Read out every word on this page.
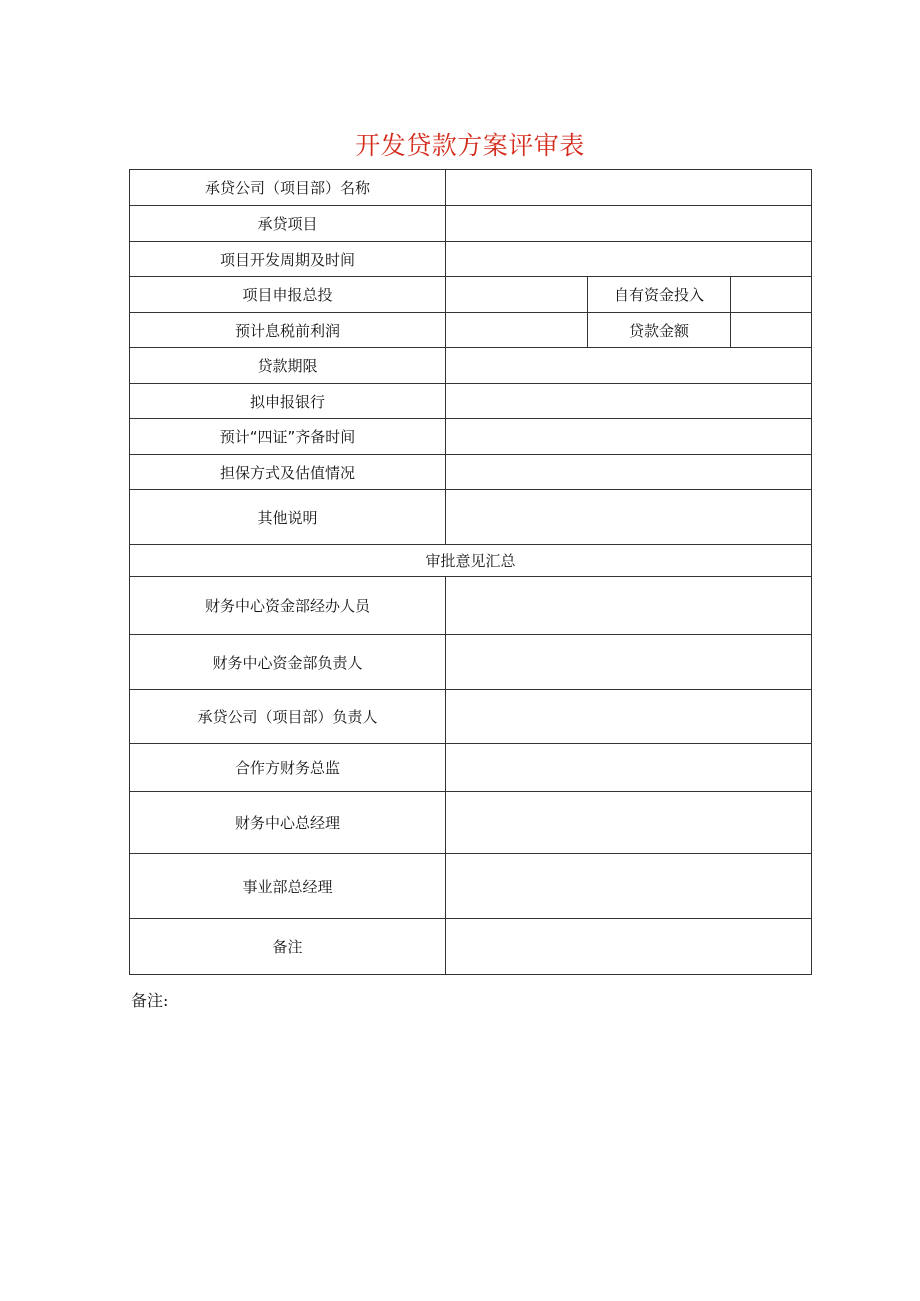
开发贷款方案评审表
承贷公司（项目部）名称			
承贷项目			
项目开发周期及时间			
项目申报总投		自有资金投入	
预计息税前利润		贷款金额	
贷款期限			
拟申报银行			
预计“四证”齐备时间			
担保方式及估值情况			
其他说明			
审批意见汇总			
财务中心资金部经办人员			
财务中心资金部负责人			
承贷公司（项目部）负责人			
合作方财务总监			
财务中心总经理			
事业部总经理			
备注			
备注:
